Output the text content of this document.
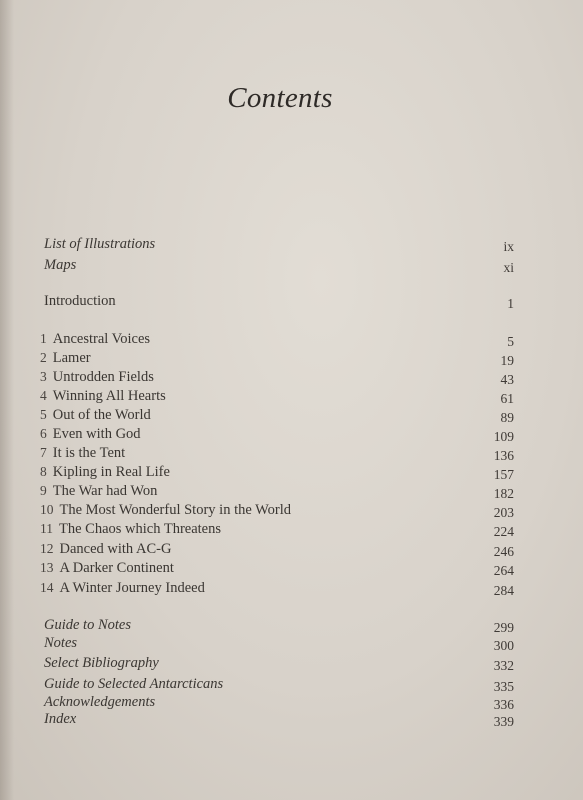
Contents
List of Illustrations	ix
Maps	xi
Introduction	1
1 Ancestral Voices	5
2 Lamer	19
3 Untrodden Fields	43
4 Winning All Hearts	61
5 Out of the World	89
6 Even with God	109
7 It is the Tent	136
8 Kipling in Real Life	157
9 The War had Won	182
10 The Most Wonderful Story in the World	203
11 The Chaos which Threatens	224
12 Danced with AC-G	246
13 A Darker Continent	264
14 A Winter Journey Indeed	284
Guide to Notes	299
Notes	300
Select Bibliography	332
Guide to Selected Antarcticans	335
Acknowledgements	336
Index	339
